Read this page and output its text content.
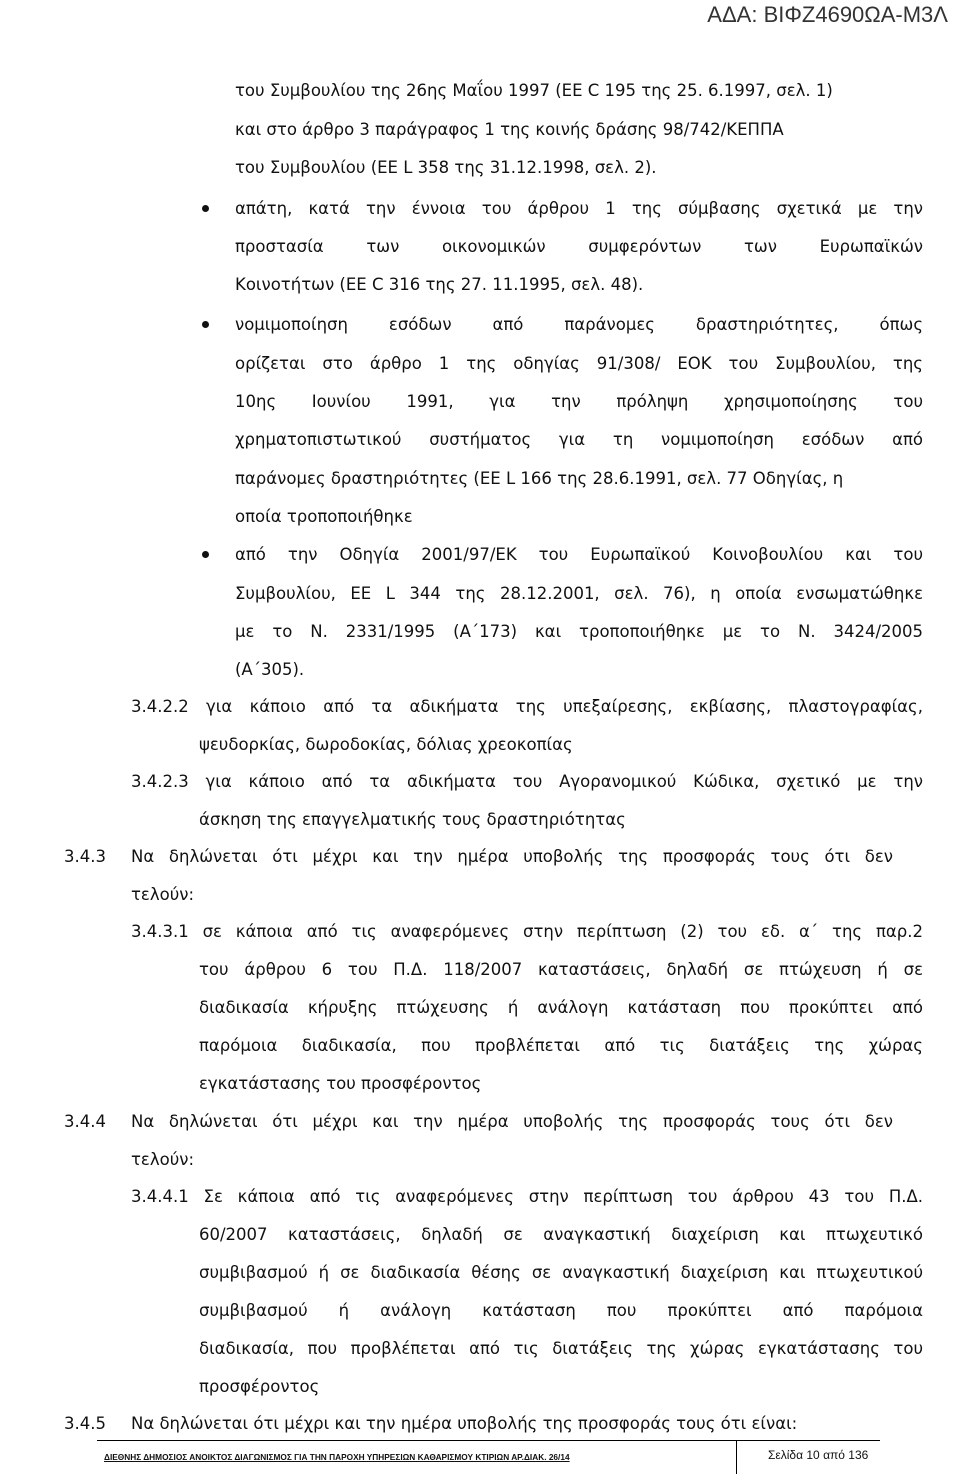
ΑΔΑ: ΒΙΦΖ4690ΩΑ-Μ3Λ
του Συμβουλίου της 26ης Μαΐου 1997 (ΕΕ C 195 της 25. 6.1997, σελ. 1)
και στο άρθρο 3 παράγραφος 1 της κοινής δράσης 98/742/ΚΕΠΠΑ
του Συμβουλίου (ΕΕ L 358 της 31.12.1998, σελ. 2).
απάτη, κατά την έννοια του άρθρου 1 της σύμβασης σχετικά με την
προστασία των οικονομικών συμφερόντων των Ευρωπαϊκών
Κοινοτήτων (ΕΕ C 316 της 27. 11.1995, σελ. 48).
νομιμοποίηση εσόδων από παράνομες δραστηριότητες, όπως
ορίζεται στο άρθρο 1 της οδηγίας 91/308/ ΕΟΚ του Συμβουλίου, της
10ης Ιουνίου 1991, για την πρόληψη χρησιμοποίησης του
χρηματοπιστωτικού συστήματος για τη νομιμοποίηση εσόδων από
παράνομες δραστηριότητες (ΕΕ L 166 της 28.6.1991, σελ. 77 Οδηγίας, η
οποία τροποποιήθηκε
από την Οδηγία 2001/97/ΕΚ του Ευρωπαϊκού Κοινοβουλίου και του
Συμβουλίου, ΕΕ L 344 της 28.12.2001, σελ. 76), η οποία ενσωματώθηκε
με το Ν. 2331/1995 (Α΄173) και τροποποιήθηκε με το Ν. 3424/2005
(Α΄305).
3.4.2.2 για κάποιο από τα αδικήματα της υπεξαίρεσης, εκβίασης, πλαστογραφίας,
ψευδορκίας, δωροδοκίας, δόλιας χρεοκοπίας
3.4.2.3 για κάποιο από τα αδικήματα του Αγορανομικού Κώδικα, σχετικό με την
άσκηση της επαγγελματικής τους δραστηριότητας
3.4.3 Να δηλώνεται ότι μέχρι και την ημέρα υποβολής της προσφοράς τους ότι δεν
τελούν:
3.4.3.1 σε κάποια από τις αναφερόμενες στην περίπτωση (2) του εδ. α΄ της παρ.2
του άρθρου 6 του Π.Δ. 118/2007 καταστάσεις, δηλαδή σε πτώχευση ή σε
διαδικασία κήρυξης πτώχευσης ή ανάλογη κατάσταση που προκύπτει από
παρόμοια διαδικασία, που προβλέπεται από τις διατάξεις της χώρας
εγκατάστασης του προσφέροντος
3.4.4 Να δηλώνεται ότι μέχρι και την ημέρα υποβολής της προσφοράς τους ότι δεν
τελούν:
3.4.4.1 Σε κάποια από τις αναφερόμενες στην περίπτωση του άρθρου 43 του Π.Δ.
60/2007 καταστάσεις, δηλαδή σε αναγκαστική διαχείριση και πτωχευτικό
συμβιβασμού ή σε διαδικασία θέσης σε αναγκαστική διαχείριση και πτωχευτικού
συμβιβασμού ή ανάλογη κατάσταση που προκύπτει από παρόμοια
διαδικασία, που προβλέπεται από τις διατάξεις της χώρας εγκατάστασης του
προσφέροντος
3.4.5 Να δηλώνεται ότι μέχρι και την ημέρα υποβολής της προσφοράς τους ότι είναι:
ΔΙΕΘΝΗΣ ΔΗΜΟΣΙΟΣ ΑΝΟΙΚΤΟΣ ΔΙΑΓΩΝΙΣΜΟΣ ΓΙΑ ΤΗΝ ΠΑΡΟΧΗ ΥΠΗΡΕΣΙΩΝ ΚΑΘΑΡΙΣΜΟΥ ΚΤΙΡΙΩΝ ΑΡ.ΔΙΑΚ. 26/14	Σελίδα 10 από 136
